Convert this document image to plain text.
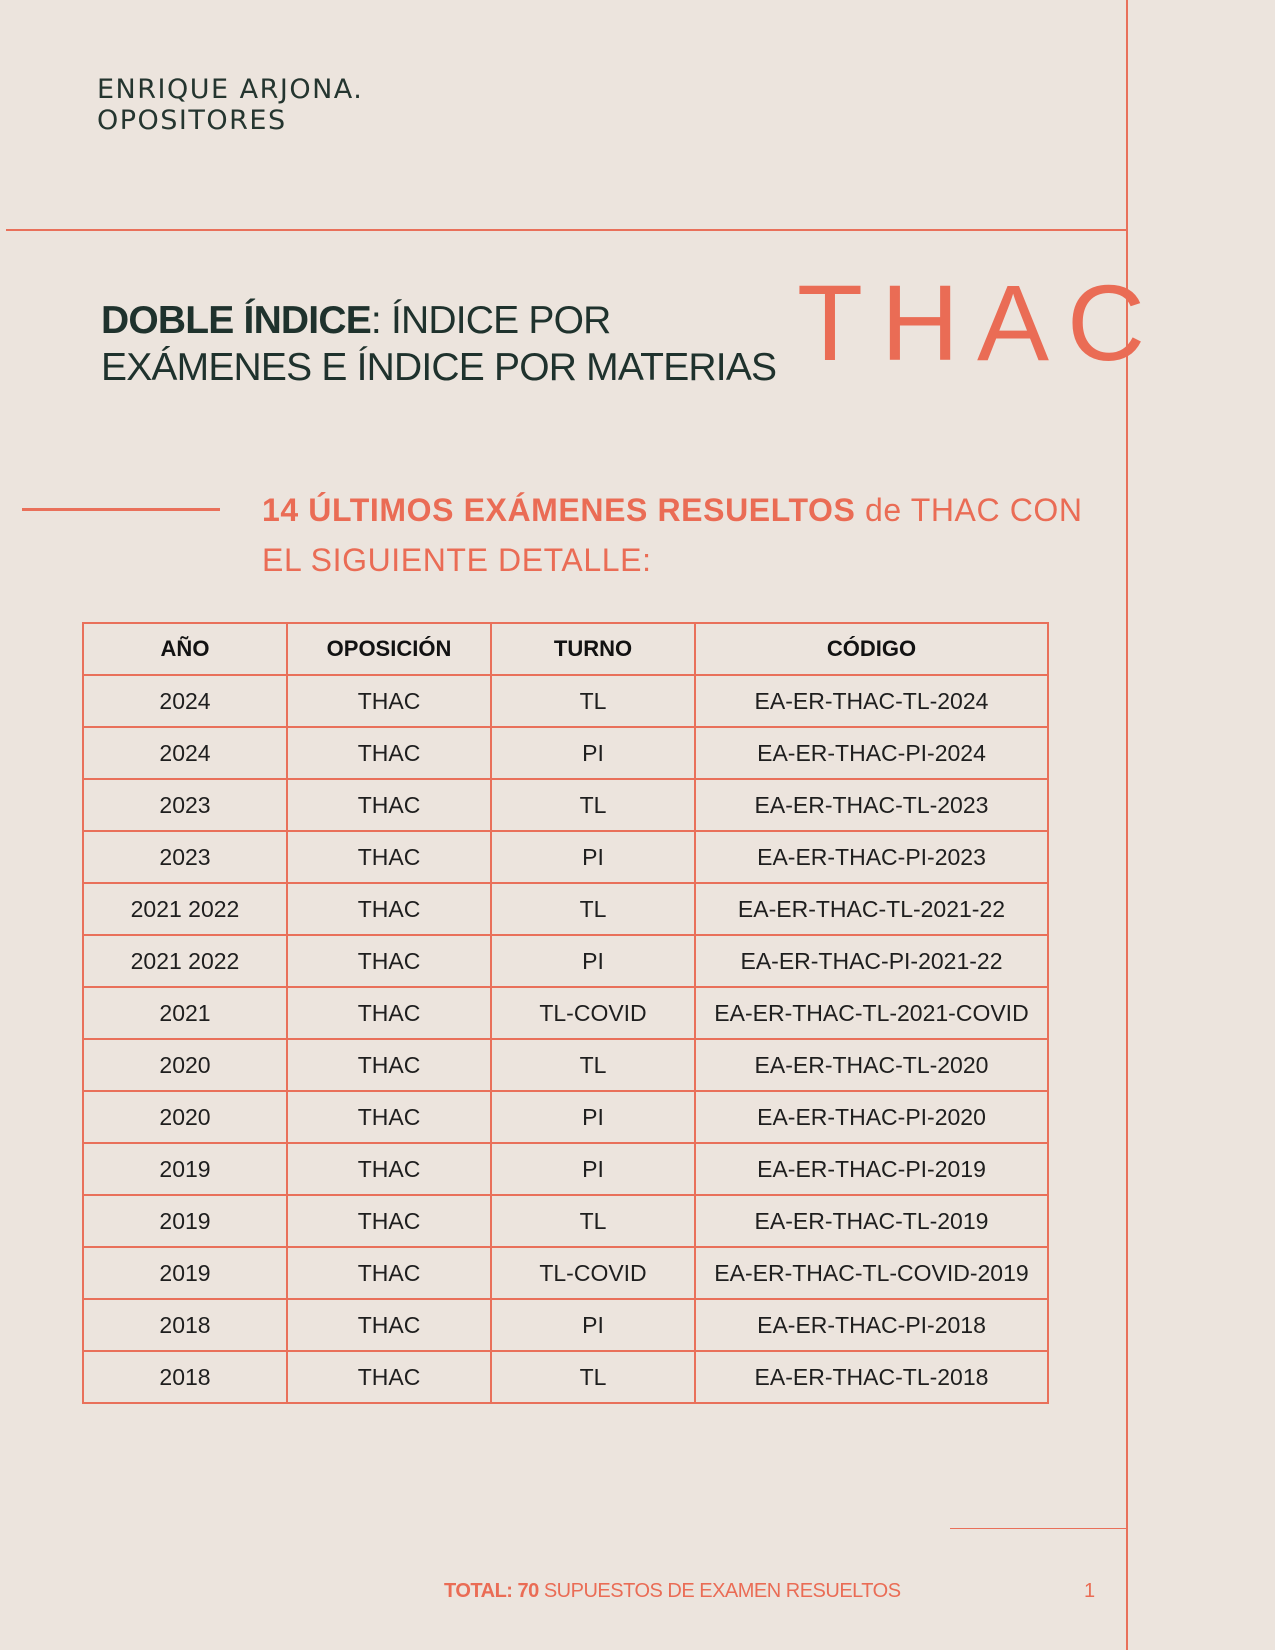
ENRIQUE ARJONA.
OPOSITORES
DOBLE ÍNDICE: ÍNDICE POR
EXÁMENES E ÍNDICE POR MATERIAS THAC
14 ÚLTIMOS EXÁMENES RESUELTOS de THAC CON EL SIGUIENTE DETALLE:
AÑO	OPOSICIÓN	TURNO	CÓDIGO
2024	THAC	TL	EA-ER-THAC-TL-2024
2024	THAC	PI	EA-ER-THAC-PI-2024
2023	THAC	TL	EA-ER-THAC-TL-2023
2023	THAC	PI	EA-ER-THAC-PI-2023
2021 2022	THAC	TL	EA-ER-THAC-TL-2021-22
2021 2022	THAC	PI	EA-ER-THAC-PI-2021-22
2021	THAC	TL-COVID	EA-ER-THAC-TL-2021-COVID
2020	THAC	TL	EA-ER-THAC-TL-2020
2020	THAC	PI	EA-ER-THAC-PI-2020
2019	THAC	PI	EA-ER-THAC-PI-2019
2019	THAC	TL	EA-ER-THAC-TL-2019
2019	THAC	TL-COVID	EA-ER-THAC-TL-COVID-2019
2018	THAC	PI	EA-ER-THAC-PI-2018
2018	THAC	TL	EA-ER-THAC-TL-2018
TOTAL: 70 SUPUESTOS DE EXAMEN RESUELTOS	1
